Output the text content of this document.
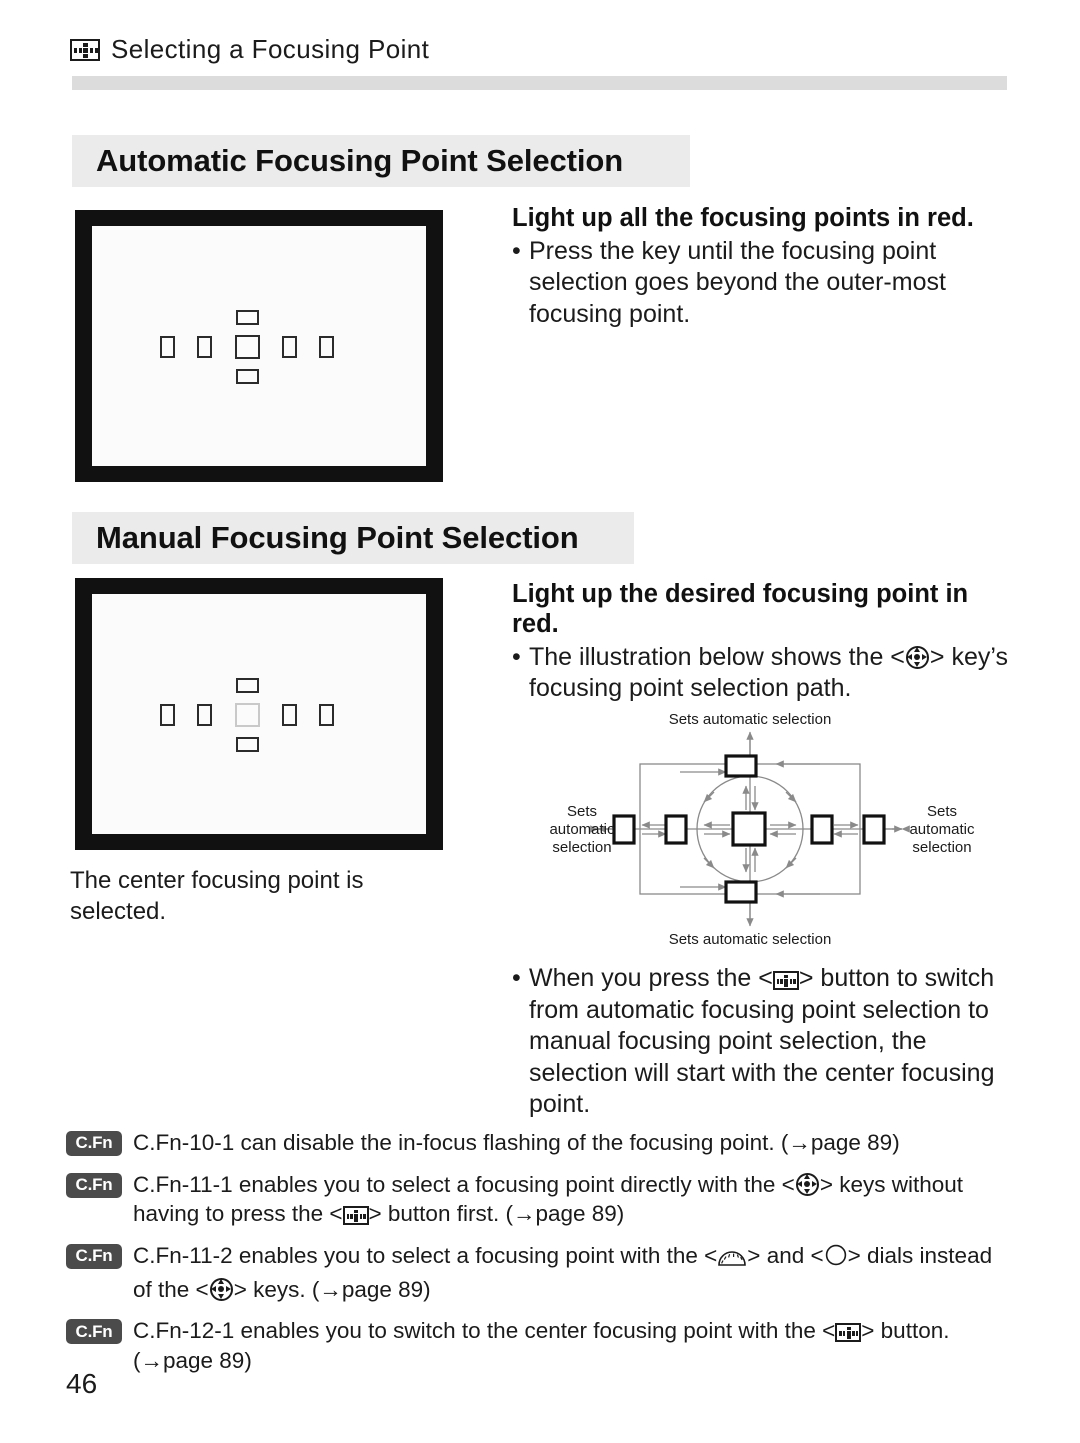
Selecting a Focusing Point
Automatic Focusing Point Selection

Light up all the focusing points in red.

• Press the key until the focusing point selection goes beyond the outer-most focusing point.
Manual Focusing Point Selection
The center focusing point is selected.

Light up the desired focusing point in red.

• The illustration below shows the < > key’s focusing point selection path.
Sets automatic selection
Sets automatic selection
Sets
automatic
selection
Sets
automatic
selection
• When you press the < > button to switch from automatic focusing point selection to manual focusing point selection, the selection will start with the center focusing point.
C.Fn C.Fn-10-1 can disable the in-focus flashing of the focusing point. (→page 89)
C.Fn C.Fn-11-1 enables you to select a focusing point directly with the < > keys without having to press the < > button first. (→page 89)
C.Fn C.Fn-11-2 enables you to select a focusing point with the < > and < > dials instead of the < > keys. (→page 89)
C.Fn C.Fn-12-1 enables you to switch to the center focusing point with the < > button. (→page 89)
46
